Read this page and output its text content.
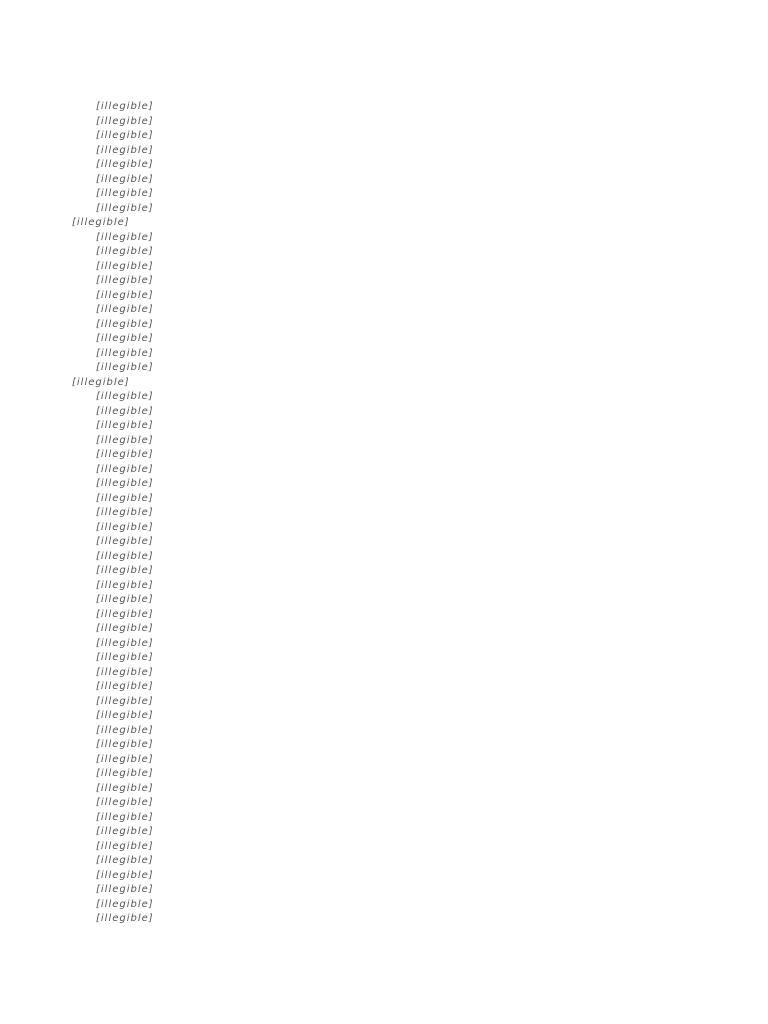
[illegible]
[illegible]
[illegible]
[illegible]
[illegible]
[illegible]
[illegible]
[illegible]
[illegible]
[illegible]
[illegible]
[illegible]
[illegible]
[illegible]
[illegible]
[illegible]
[illegible]
[illegible]
[illegible]
[illegible]
[illegible]
[illegible]
[illegible]
[illegible]
[illegible]
[illegible]
[illegible]
[illegible]
[illegible]
[illegible]
[illegible]
[illegible]
[illegible]
[illegible]
[illegible]
[illegible]
[illegible]
[illegible]
[illegible]
[illegible]
[illegible]
[illegible]
[illegible]
[illegible]
[illegible]
[illegible]
[illegible]
[illegible]
[illegible]
[illegible]
[illegible]
[illegible]
[illegible]
[illegible]
[illegible]
[illegible]
[illegible]
